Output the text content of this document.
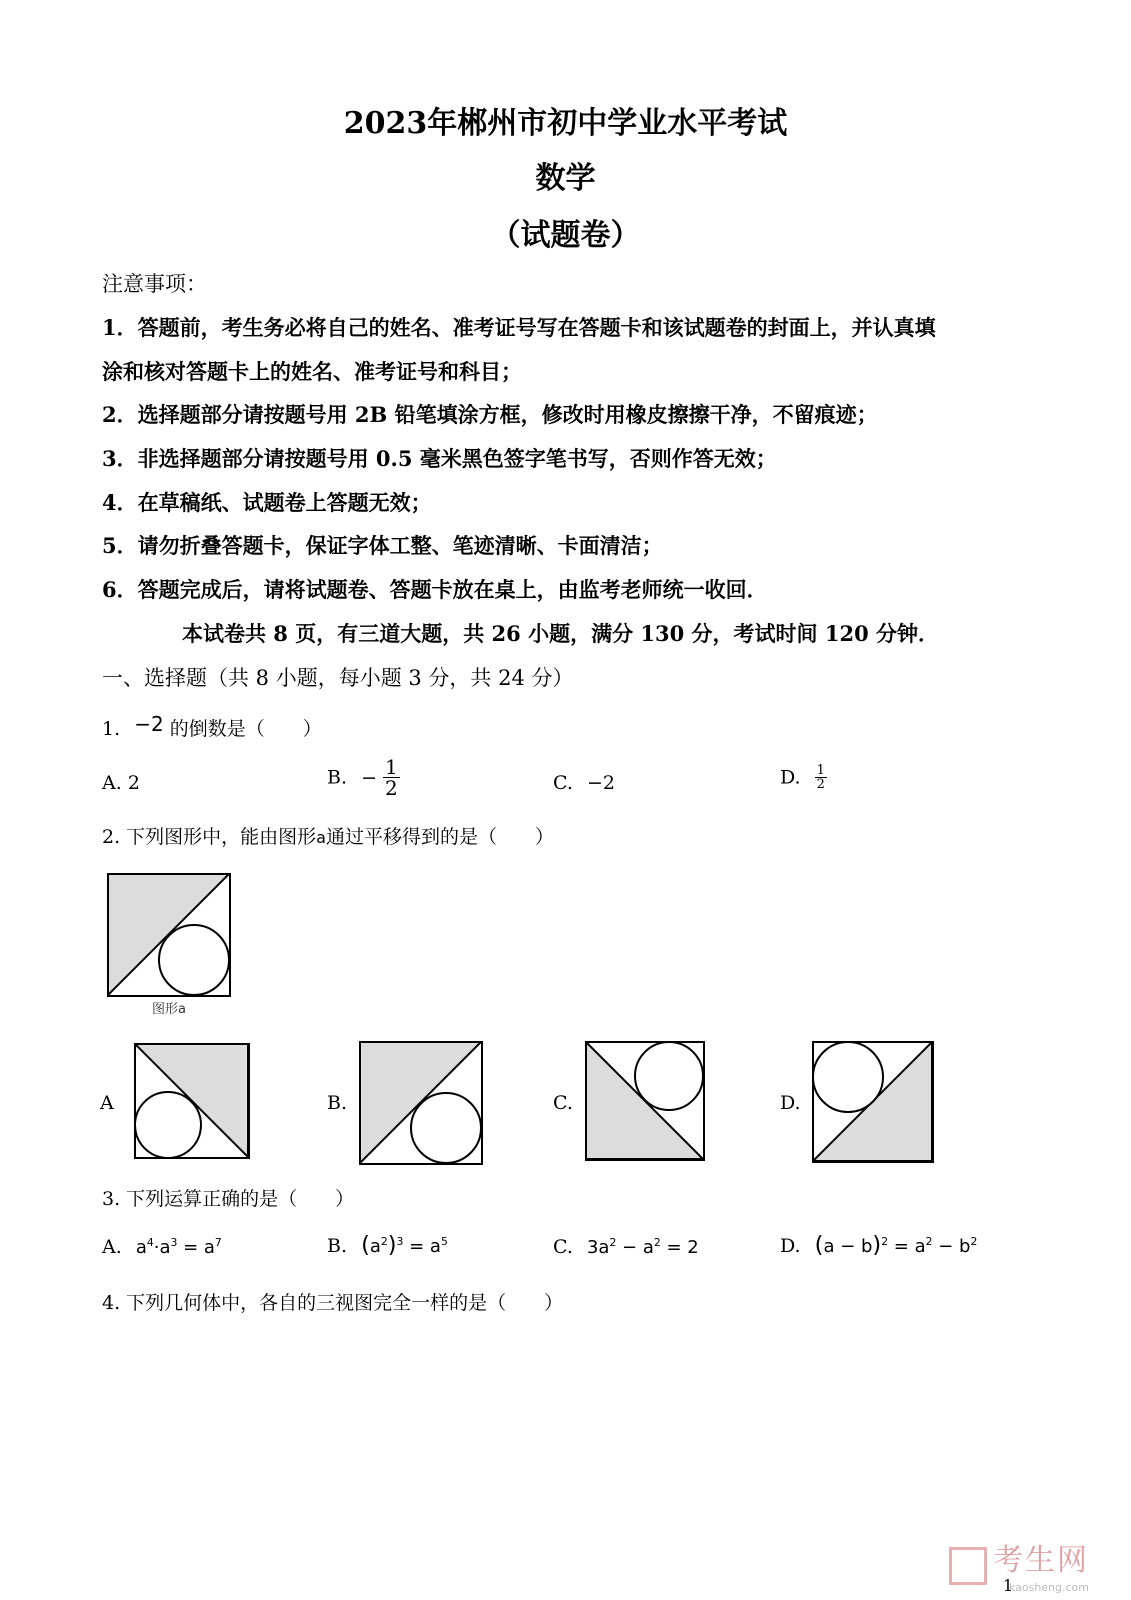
2023年郴州市初中学业水平考试
数学
（试题卷）
注意事项：
1．答题前，考生务必将自己的姓名、准考证号写在答题卡和该试题卷的封面上，并认真填
涂和核对答题卡上的姓名、准考证号和科目；
2．选择题部分请按题号用 2B 铅笔填涂方框，修改时用橡皮擦擦干净，不留痕迹；
3．非选择题部分请按题号用 0.5 毫米黑色签字笔书写，否则作答无效；
4．在草稿纸、试题卷上答题无效；
5．请勿折叠答题卡，保证字体工整、笔迹清晰、卡面清洁；
6．答题完成后，请将试题卷、答题卡放在桌上，由监考老师统一收回．
本试卷共 8 页，有三道大题，共 26 小题，满分 130 分，考试时间 120 分钟．
一、选择题（共 8 小题，每小题 3 分，共 24 分）
1. −2 的倒数是（　　）
A. 2	B. − $\frac{1}{2}$	C. −2	D. $\frac{1}{2}$
2. 下列图形中，能由图形a通过平移得到的是（　　）
图形a
A	B.	C.	D.
3. 下列运算正确的是（　　）
A. $a^4\cdot a^3 = a^7$	B. $(a^2)^3 = a^5$	C. $3a^2 - a^2 = 2$	D. $(a - b)^2 = a^2 - b^2$
4. 下列几何体中，各自的三视图完全一样的是（　　）
考生网
kaosheng.com
1
